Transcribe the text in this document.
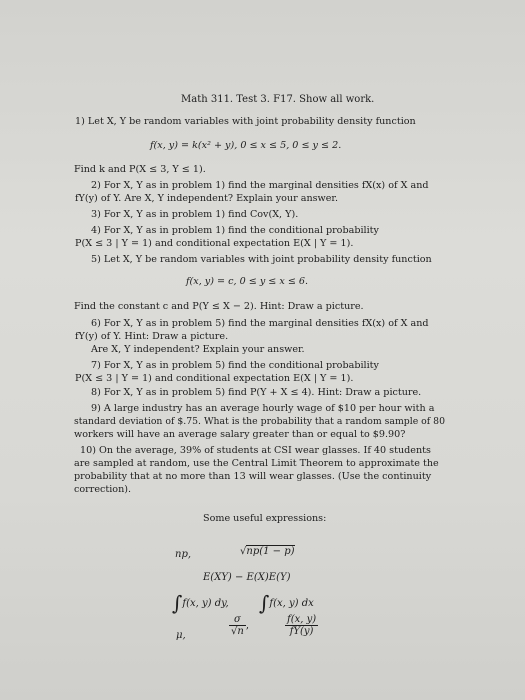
Math 311. Test 3. F17. Show all work.
1) Let X, Y be random variables with joint probability density function
f(x, y) = k(x² + y), 0 ≤ x ≤ 5, 0 ≤ y ≤ 2.
Find k and P(X ≤ 3, Y ≤ 1).
2) For X, Y as in problem 1) find the marginal densities fX(x) of X and
fY(y) of Y. Are X, Y independent? Explain your answer.
3) For X, Y as in problem 1) find Cov(X, Y).
4) For X, Y as in problem 1) find the conditional probability
P(X ≤ 3 | Y = 1) and conditional expectation E(X | Y = 1).
5) Let X, Y be random variables with joint probability density function
f(x, y) = c, 0 ≤ y ≤ x ≤ 6.
Find the constant c and P(Y ≤ X − 2). Hint: Draw a picture.
6) For X, Y as in problem 5) find the marginal densities fX(x) of X and
fY(y) of Y. Hint: Draw a picture.
Are X, Y independent? Explain your answer.
7) For X, Y as in problem 5) find the conditional probability
P(X ≤ 3 | Y = 1) and conditional expectation E(X | Y = 1).
8) For X, Y as in problem 5) find P(Y + X ≤ 4). Hint: Draw a picture.
9) A large industry has an average hourly wage of $10 per hour with a
standard deviation of $.75. What is the probability that a random sample of 80
workers will have an average salary greater than or equal to $9.90?
10) On the average, 39% of students at CSI wear glasses. If 40 students
are sampled at random, use the Central Limit Theorem to approximate the
probability that at no more than 13 will wear glasses. (Use the continuity
correction).
Some useful expressions:
np,	√np(1 − p)
E(XY) − E(X)E(Y)
∫f(x, y) dy, ∫f(x, y) dx
μ,	$\frac{\sigma}{√n}$ ,	$\frac{f(x, y)}{fY(y)}$
